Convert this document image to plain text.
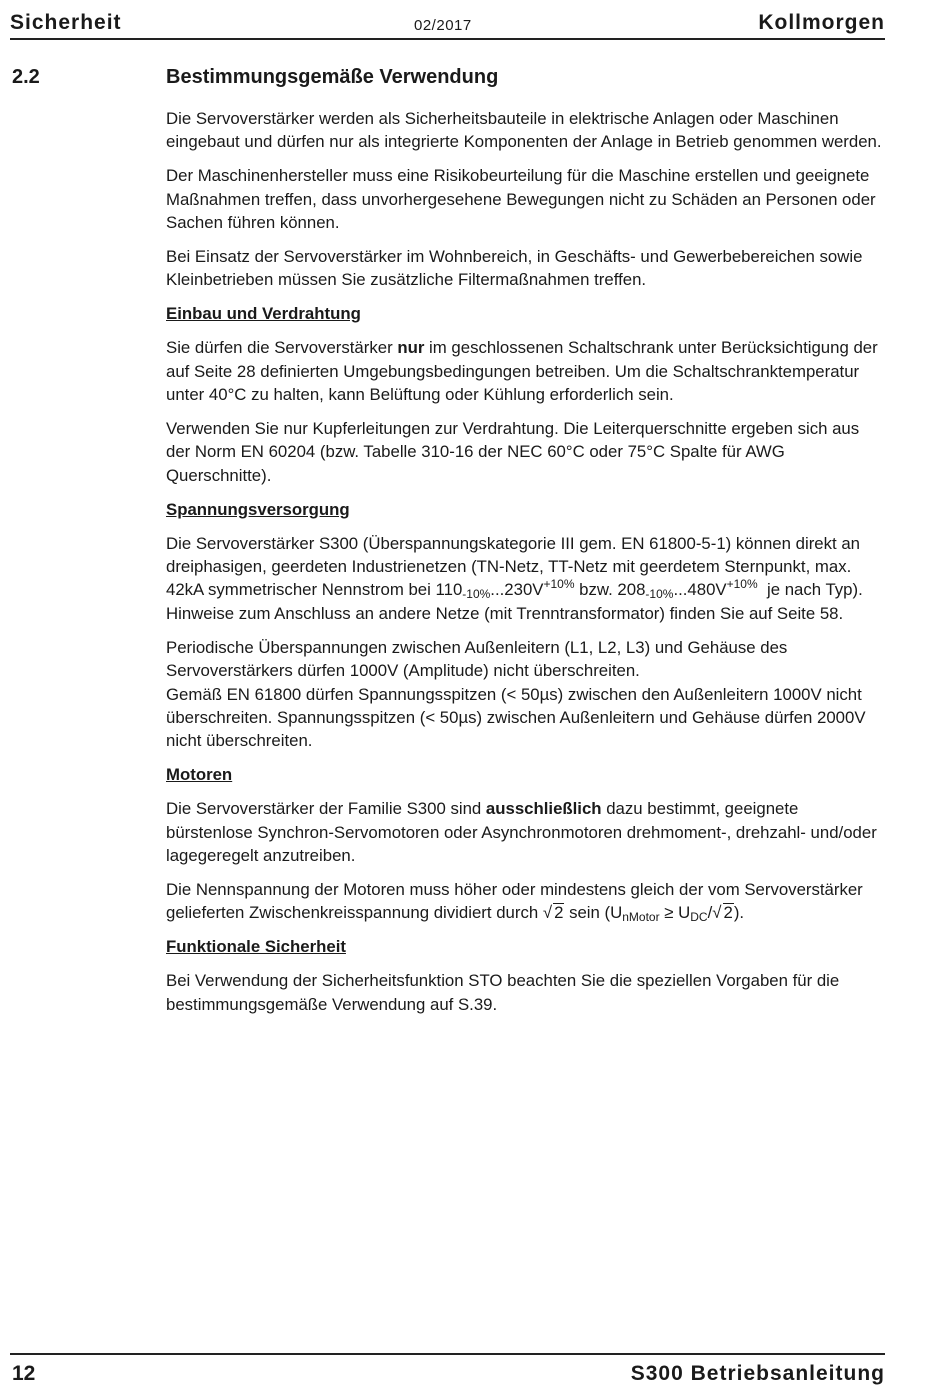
Sicherheit	02/2017	Kollmorgen
2.2	Bestimmungsgemäße Verwendung

Die Servoverstärker werden als Sicherheitsbauteile in elektrische Anlagen oder Maschinen eingebaut und dürfen nur als integrierte Komponenten der Anlage in Betrieb genommen werden.

Der Maschinenhersteller muss eine Risikobeurteilung für die Maschine erstellen und geeignete Maßnahmen treffen, dass unvorhergesehene Bewegungen nicht zu Schäden an Personen oder Sachen führen können.

Bei Einsatz der Servoverstärker im Wohnbereich, in Geschäfts- und Gewerbebereichen sowie Kleinbetrieben müssen Sie zusätzliche Filtermaßnahmen treffen.

Einbau und Verdrahtung

Sie dürfen die Servoverstärker nur im geschlossenen Schaltschrank unter Berücksichtigung der auf Seite 28 definierten Umgebungsbedingungen betreiben. Um die Schaltschranktemperatur unter 40°C zu halten, kann Belüftung oder Kühlung erforderlich sein.

Verwenden Sie nur Kupferleitungen zur Verdrahtung. Die Leiterquerschnitte ergeben sich aus der Norm EN 60204 (bzw. Tabelle 310-16 der NEC 60°C oder 75°C Spalte für AWG Querschnitte).

Spannungsversorgung

Die Servoverstärker S300 (Überspannungskategorie III gem. EN 61800-5-1) können direkt an dreiphasigen, geerdeten Industrienetzen (TN-Netz, TT-Netz mit geerdetem Sternpunkt, max. 42kA symmetrischer Nennstrom bei $110_{-10\%}...230V^{+10\%}$ bzw. $208_{-10\%}...480V^{+10\%}$  je nach Typ). Hinweise zum Anschluss an andere Netze (mit Trenntransformator) finden Sie auf Seite 58.

Periodische Überspannungen zwischen Außenleitern (L1, L2, L3) und Gehäuse des Servoverstärkers dürfen 1000V (Amplitude) nicht überschreiten.
Gemäß EN 61800 dürfen Spannungsspitzen (< 50µs) zwischen den Außenleitern 1000V nicht überschreiten. Spannungsspitzen (< 50µs) zwischen Außenleitern und Gehäuse dürfen 2000V nicht überschreiten.

Motoren

Die Servoverstärker der Familie S300 sind ausschließlich dazu bestimmt, geeignete bürstenlose Synchron-Servomotoren oder Asynchronmotoren drehmoment-, drehzahl- und/oder lagegeregelt anzutreiben.

Die Nennspannung der Motoren muss höher oder mindestens gleich der vom Servoverstärker gelieferten Zwischenkreisspannung dividiert durch √ 2 sein ($U_{nMotor} \ge U_{DC}/√$ 2).

Funktionale Sicherheit

Bei Verwendung der Sicherheitsfunktion STO beachten Sie die speziellen Vorgaben für die bestimmungsgemäße Verwendung auf S.39.

12	S300 Betriebsanleitung
